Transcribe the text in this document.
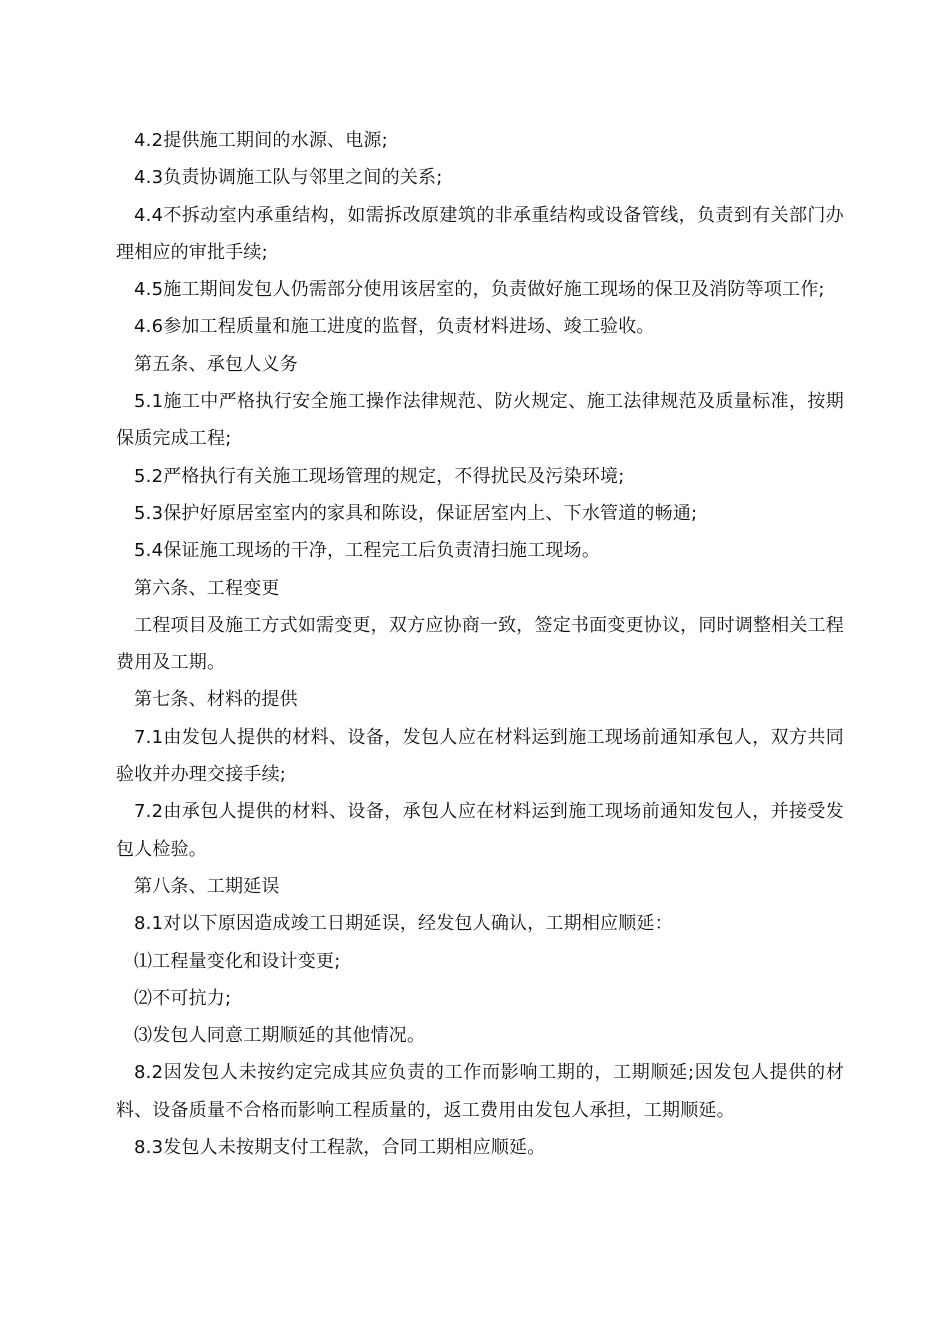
4.2提供施工期间的水源、电源;

4.3负责协调施工队与邻里之间的关系;

4.4不拆动室内承重结构，如需拆改原建筑的非承重结构或设备管线，负责到有关部门办理相应的审批手续;

4.5施工期间发包人仍需部分使用该居室的，负责做好施工现场的保卫及消防等项工作;

4.6参加工程质量和施工进度的监督，负责材料进场、竣工验收。

第五条、承包人义务

5.1施工中严格执行安全施工操作法律规范、防火规定、施工法律规范及质量标准，按期保质完成工程;

5.2严格执行有关施工现场管理的规定，不得扰民及污染环境;

5.3保护好原居室室内的家具和陈设，保证居室内上、下水管道的畅通;

5.4保证施工现场的干净，工程完工后负责清扫施工现场。

第六条、工程变更

工程项目及施工方式如需变更，双方应协商一致，签定书面变更协议，同时调整相关工程费用及工期。

第七条、材料的提供

7.1由发包人提供的材料、设备，发包人应在材料运到施工现场前通知承包人，双方共同验收并办理交接手续;

7.2由承包人提供的材料、设备，承包人应在材料运到施工现场前通知发包人，并接受发包人检验。

第八条、工期延误

8.1对以下原因造成竣工日期延误，经发包人确认，工期相应顺延：

⑴工程量变化和设计变更;

⑵不可抗力;

⑶发包人同意工期顺延的其他情况。

8.2因发包人未按约定完成其应负责的工作而影响工期的，工期顺延;因发包人提供的材料、设备质量不合格而影响工程质量的，返工费用由发包人承担，工期顺延。

8.3发包人未按期支付工程款，合同工期相应顺延。
